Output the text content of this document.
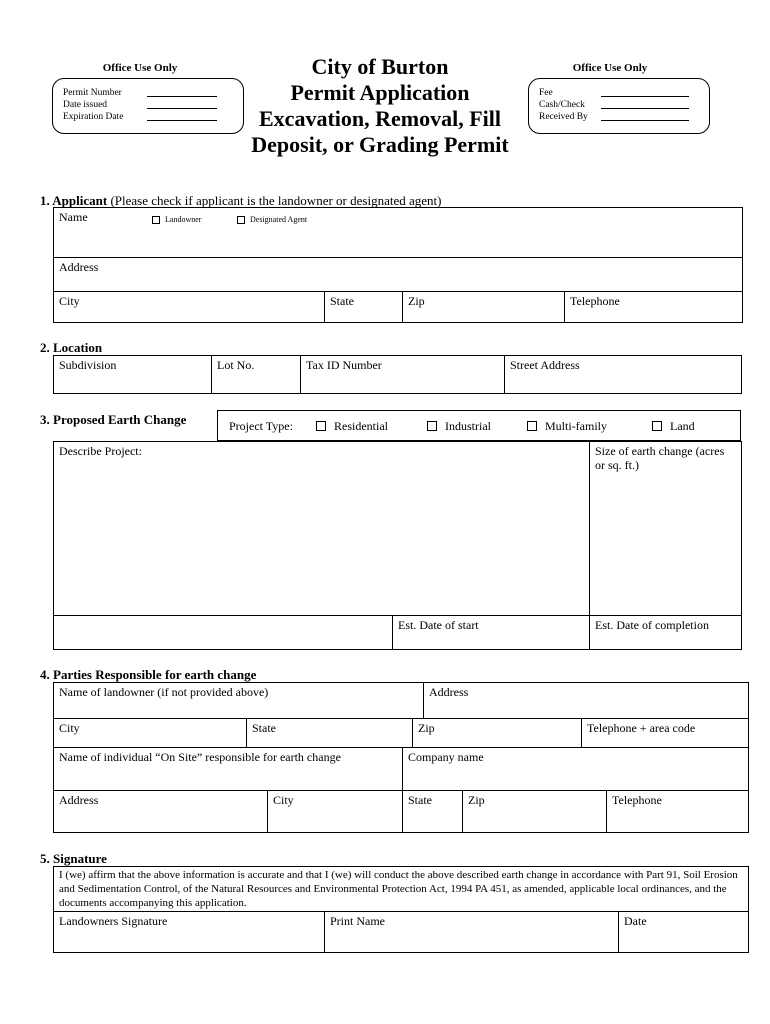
Office Use Only
Permit Number
Date issued
Expiration Date
City of Burton
Permit Application
Excavation, Removal, Fill
Deposit, or Grading Permit
Office Use Only
Fee
Cash/Check
Received By
1. Applicant (Please check if applicant is the landowner or designated agent)
Name	Landowner	Designated Agent
Address
City	State	Zip	Telephone
2. Location
Subdivision	Lot No.	Tax ID Number	Street Address
3. Proposed Earth Change	Project Type:	Residential	Industrial	Multi-family	Land
Describe Project:	Size of earth change (acres or sq. ft.)
Est. Date of start	Est. Date of completion
4. Parties Responsible for earth change
Name of landowner (if not provided above)	Address
City	State	Zip	Telephone + area code
Name of individual “On Site” responsible for earth change	Company name
Address	City	State	Zip	Telephone
5. Signature
I (we) affirm that the above information is accurate and that I (we) will conduct the above described earth change in accordance with Part 91, Soil Erosion and Sedimentation Control, of the Natural Resources and Environmental Protection Act, 1994 PA 451, as amended, applicable local ordinances, and the documents accompanying this application.
Landowners Signature	Print Name	Date
